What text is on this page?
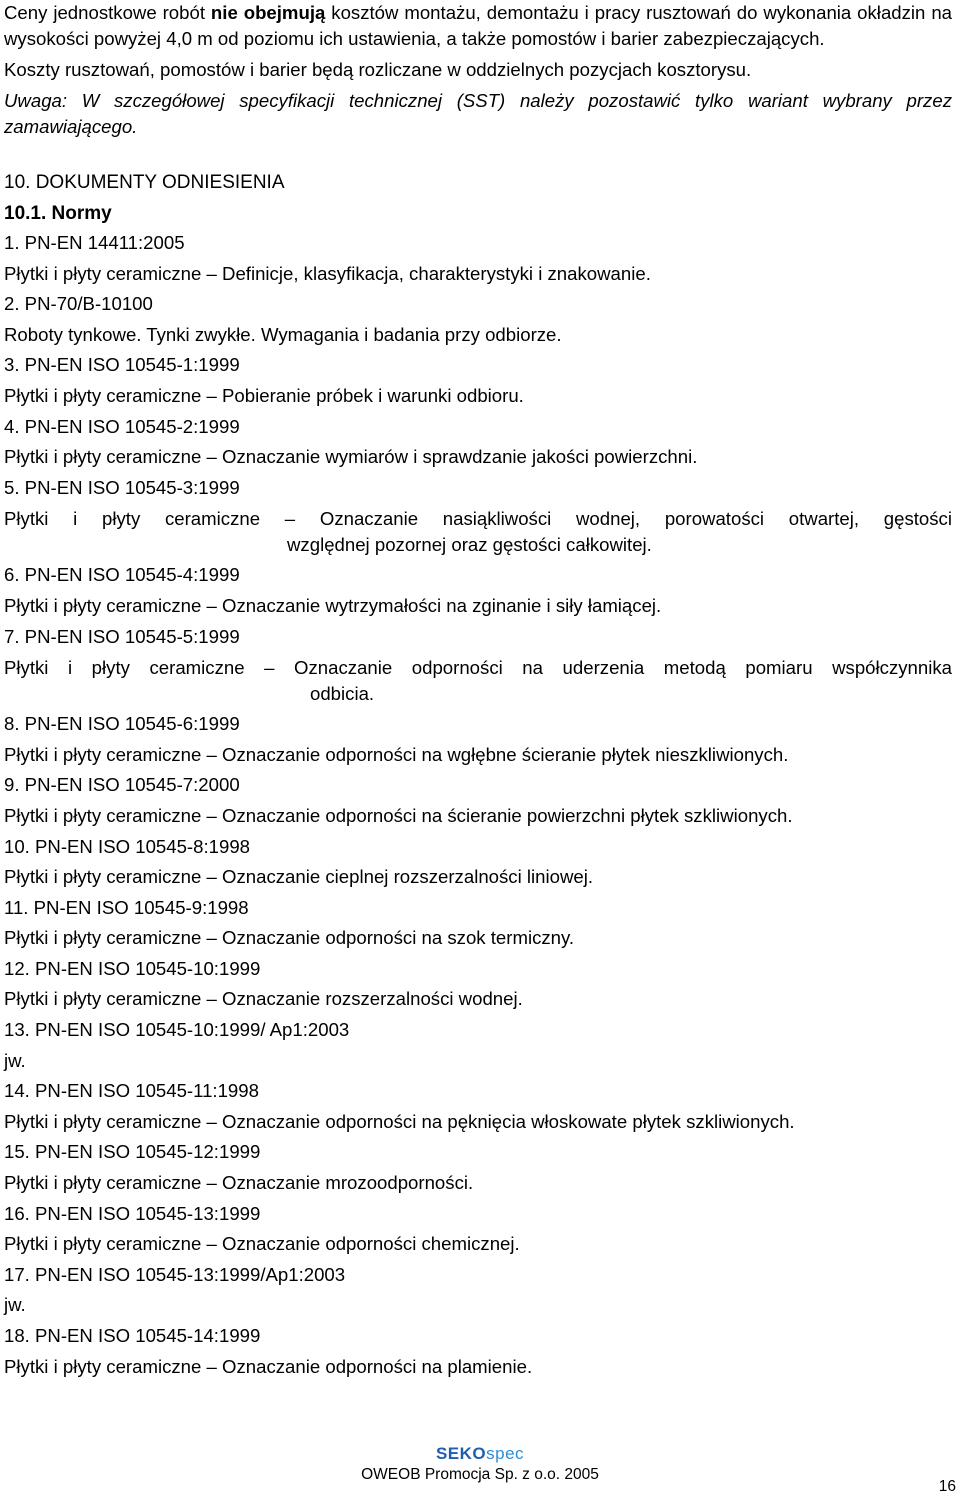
Ceny jednostkowe robót nie obejmują kosztów montażu, demontażu i pracy rusztowań do wykonania okładzin na wysokości powyżej 4,0 m od poziomu ich ustawienia, a także pomostów i barier zabezpieczających.

Koszty rusztowań, pomostów i barier będą rozliczane w oddzielnych pozycjach kosztorysu.

Uwaga: W szczegółowej specyfikacji technicznej (SST) należy pozostawić tylko wariant wybrany przez zamawiającego.

10. DOKUMENTY ODNIESIENIA

10.1. Normy

1. PN-EN 14411:2005
Płytki i płyty ceramiczne – Definicje, klasyfikacja, charakterystyki i znakowanie.
2. PN-70/B-10100
Roboty tynkowe. Tynki zwykłe. Wymagania i badania przy odbiorze.
3. PN-EN ISO 10545-1:1999
Płytki i płyty ceramiczne – Pobieranie próbek i warunki odbioru.
4. PN-EN ISO 10545-2:1999
Płytki i płyty ceramiczne – Oznaczanie wymiarów i sprawdzanie jakości powierzchni.
5. PN-EN ISO 10545-3:1999
Płytki i płyty ceramiczne – Oznaczanie nasiąkliwości wodnej, porowatości otwartej, gęstości
względnej pozornej oraz gęstości całkowitej.
6. PN-EN ISO 10545-4:1999
Płytki i płyty ceramiczne – Oznaczanie wytrzymałości na zginanie i siły łamiącej.
7. PN-EN ISO 10545-5:1999
Płytki i płyty ceramiczne – Oznaczanie odporności na uderzenia metodą pomiaru współczynnika
odbicia.
8. PN-EN ISO 10545-6:1999
Płytki i płyty ceramiczne – Oznaczanie odporności na wgłębne ścieranie płytek nieszkliwionych.
9. PN-EN ISO 10545-7:2000
Płytki i płyty ceramiczne – Oznaczanie odporności na ścieranie powierzchni płytek szkliwionych.
10. PN-EN ISO 10545-8:1998
Płytki i płyty ceramiczne – Oznaczanie cieplnej rozszerzalności liniowej.
11. PN-EN ISO 10545-9:1998
Płytki i płyty ceramiczne – Oznaczanie odporności na szok termiczny.
12. PN-EN ISO 10545-10:1999
Płytki i płyty ceramiczne – Oznaczanie rozszerzalności wodnej.
13. PN-EN ISO 10545-10:1999/ Ap1:2003
jw.
14. PN-EN ISO 10545-11:1998
Płytki i płyty ceramiczne – Oznaczanie odporności na pęknięcia włoskowate płytek szkliwionych.
15. PN-EN ISO 10545-12:1999
Płytki i płyty ceramiczne – Oznaczanie mrozoodporności.
16. PN-EN ISO 10545-13:1999
Płytki i płyty ceramiczne – Oznaczanie odporności chemicznej.
17. PN-EN ISO 10545-13:1999/Ap1:2003
jw.
18. PN-EN ISO 10545-14:1999
Płytki i płyty ceramiczne – Oznaczanie odporności na plamienie.
SEKOspec
OWEOB Promocja Sp. z o.o. 2005
16
